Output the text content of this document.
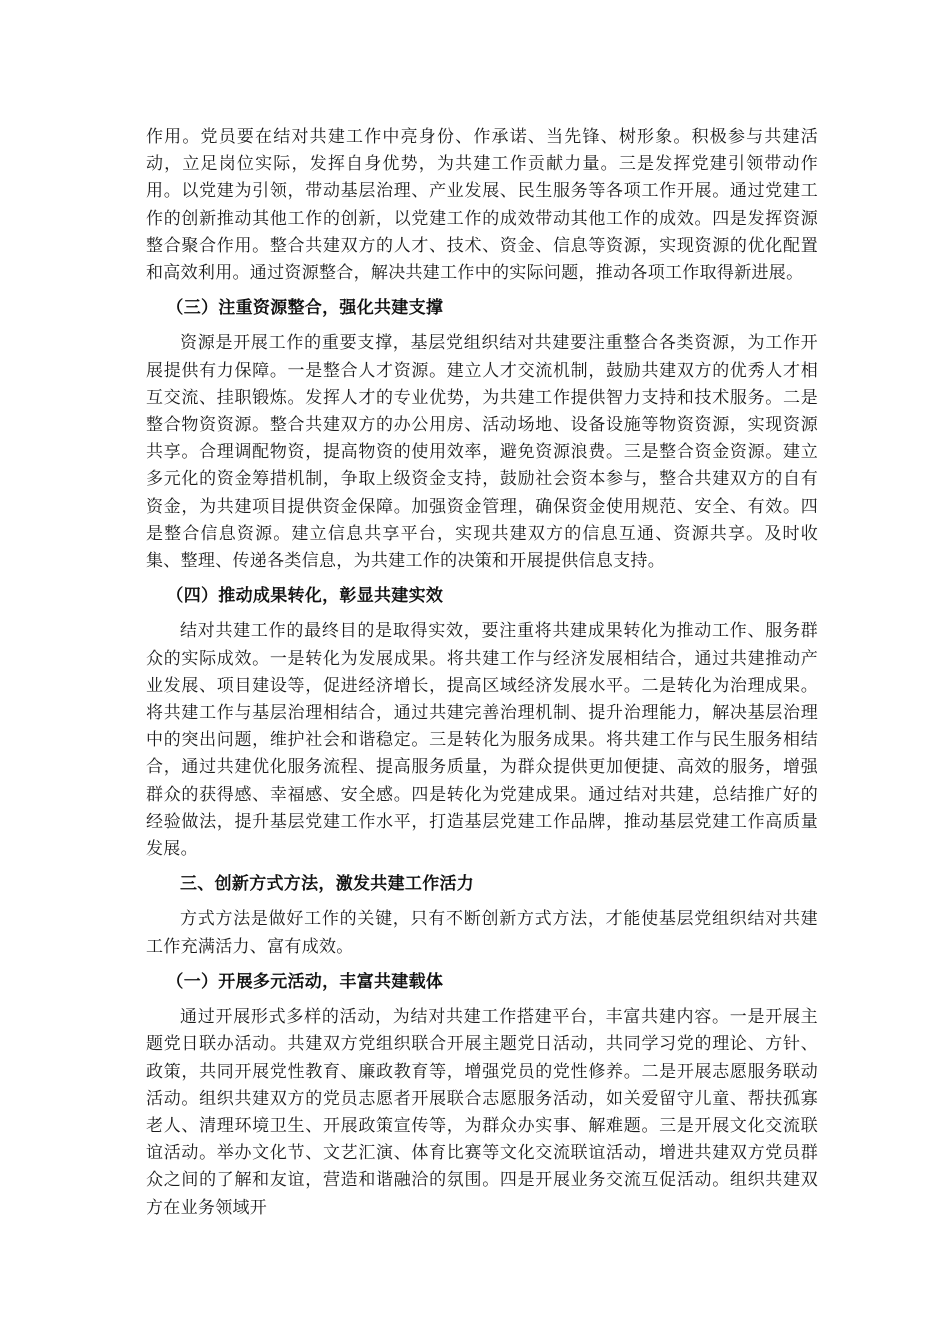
作用。党员要在结对共建工作中亮身份、作承诺、当先锋、树形象。积极参与共建活动，立足岗位实际，发挥自身优势，为共建工作贡献力量。三是发挥党建引领带动作用。以党建为引领，带动基层治理、产业发展、民生服务等各项工作开展。通过党建工作的创新推动其他工作的创新，以党建工作的成效带动其他工作的成效。四是发挥资源整合聚合作用。整合共建双方的人才、技术、资金、信息等资源，实现资源的优化配置和高效利用。通过资源整合，解决共建工作中的实际问题，推动各项工作取得新进展。

（三）注重资源整合，强化共建支撑

资源是开展工作的重要支撑，基层党组织结对共建要注重整合各类资源，为工作开展提供有力保障。一是整合人才资源。建立人才交流机制，鼓励共建双方的优秀人才相互交流、挂职锻炼。发挥人才的专业优势，为共建工作提供智力支持和技术服务。二是整合物资资源。整合共建双方的办公用房、活动场地、设备设施等物资资源，实现资源共享。合理调配物资，提高物资的使用效率，避免资源浪费。三是整合资金资源。建立多元化的资金筹措机制，争取上级资金支持，鼓励社会资本参与，整合共建双方的自有资金，为共建项目提供资金保障。加强资金管理，确保资金使用规范、安全、有效。四是整合信息资源。建立信息共享平台，实现共建双方的信息互通、资源共享。及时收集、整理、传递各类信息，为共建工作的决策和开展提供信息支持。

（四）推动成果转化，彰显共建实效

结对共建工作的最终目的是取得实效，要注重将共建成果转化为推动工作、服务群众的实际成效。一是转化为发展成果。将共建工作与经济发展相结合，通过共建推动产业发展、项目建设等，促进经济增长，提高区域经济发展水平。二是转化为治理成果。将共建工作与基层治理相结合，通过共建完善治理机制、提升治理能力，解决基层治理中的突出问题，维护社会和谐稳定。三是转化为服务成果。将共建工作与民生服务相结合，通过共建优化服务流程、提高服务质量，为群众提供更加便捷、高效的服务，增强群众的获得感、幸福感、安全感。四是转化为党建成果。通过结对共建，总结推广好的经验做法，提升基层党建工作水平，打造基层党建工作品牌，推动基层党建工作高质量发展。

三、创新方式方法，激发共建工作活力

方式方法是做好工作的关键，只有不断创新方式方法，才能使基层党组织结对共建工作充满活力、富有成效。

（一）开展多元活动，丰富共建载体

通过开展形式多样的活动，为结对共建工作搭建平台，丰富共建内容。一是开展主题党日联办活动。共建双方党组织联合开展主题党日活动，共同学习党的理论、方针、政策，共同开展党性教育、廉政教育等，增强党员的党性修养。二是开展志愿服务联动活动。组织共建双方的党员志愿者开展联合志愿服务活动，如关爱留守儿童、帮扶孤寡老人、清理环境卫生、开展政策宣传等，为群众办实事、解难题。三是开展文化交流联谊活动。举办文化节、文艺汇演、体育比赛等文化交流联谊活动，增进共建双方党员群众之间的了解和友谊，营造和谐融洽的氛围。四是开展业务交流互促活动。组织共建双方在业务领域开
